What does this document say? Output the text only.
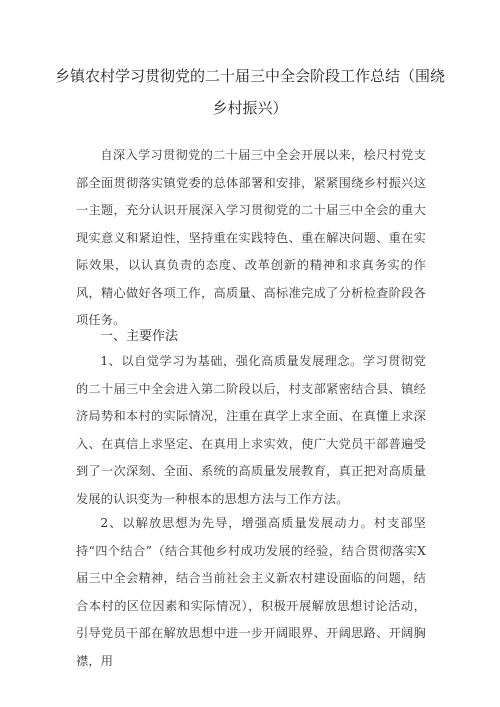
乡镇农村学习贯彻党的二十届三中全会阶段工作总结（围绕
乡村振兴）
自深入学习贯彻党的二十届三中全会开展以来，桧尺村党支部全面贯彻落实镇党委的总体部署和安排，紧紧围绕乡村振兴这一主题，充分认识开展深入学习贯彻党的二十届三中全会的重大现实意义和紧迫性，坚持重在实践特色、重在解决问题、重在实际效果，以认真负责的态度、改革创新的精神和求真务实的作风，精心做好各项工作，高质量、高标准完成了分析检查阶段各项任务。
一、主要作法
1、以自觉学习为基础，强化高质量发展理念。学习贯彻党的二十届三中全会进入第二阶段以后，村支部紧密结合县、镇经济局势和本村的实际情况，注重在真学上求全面、在真懂上求深入、在真信上求坚定、在真用上求实效，使广大党员干部普遍受到了一次深刻、全面、系统的高质量发展教育，真正把对高质量发展的认识变为一种根本的思想方法与工作方法。
2、以解放思想为先导，增强高质量发展动力。村支部坚持“四个结合”（结合其他乡村成功发展的经验，结合贯彻落实X届三中全会精神，结合当前社会主义新农村建设面临的问题，结合本村的区位因素和实际情况），积极开展解放思想讨论活动，引导党员干部在解放思想中进一步开阔眼界、开阔思路、开阔胸襟，用
